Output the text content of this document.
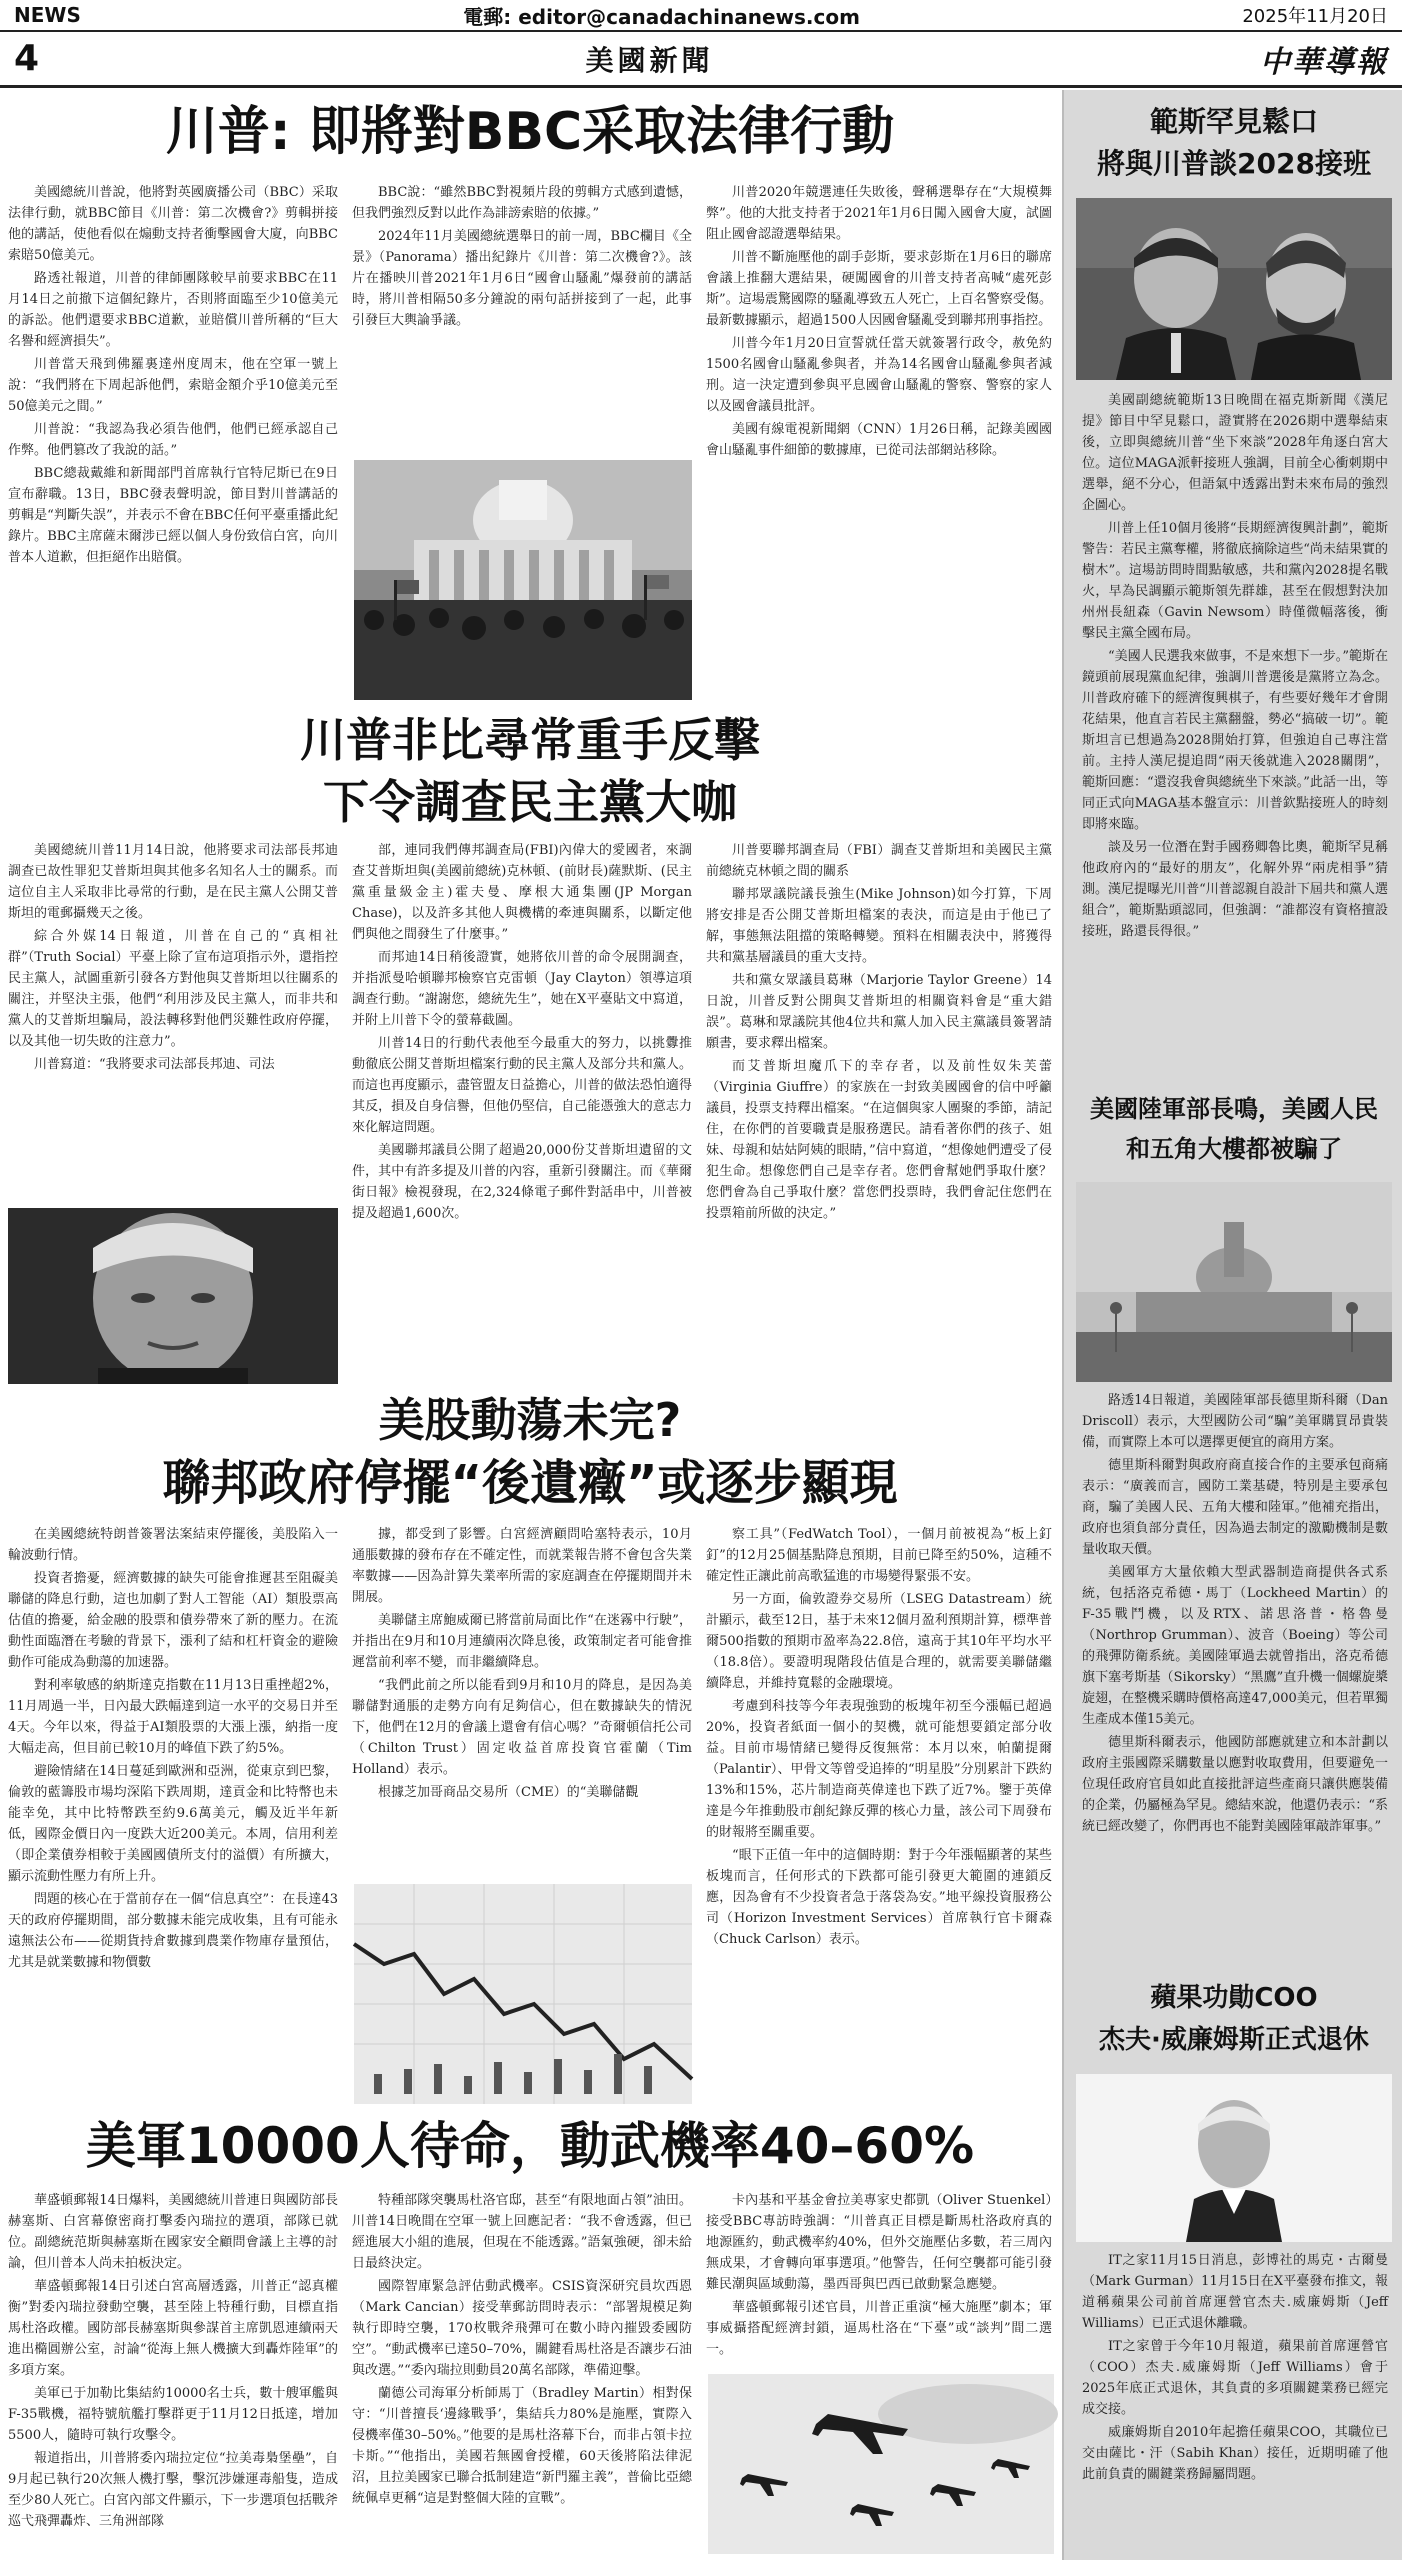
NEWS	電郵: editor@canadachinanews.com	2025年11月20日
4	美國新聞	中華導報
川普: 即將對BBC采取法律行動

美國總統川普說，他將對英國廣播公司（BBC）采取法律行動，就BBC節目《川普：第二次機會?》剪輯拼接他的講話，使他看似在煽動支持者衝擊國會大廈，向BBC索賠50億美元。

路透社報道，川普的律師團隊較早前要求BBC在11月14日之前撤下這個紀錄片，否則將面臨至少10億美元的訴訟。他們還要求BBC道歉，並賠償川普所稱的“巨大名譽和經濟損失”。

川普當天飛到佛羅裏達州度周末，他在空軍一號上說：“我們將在下周起訴他們，索賠金額介乎10億美元至50億美元之間。”

川普說：“我認為我必須告他們，他們已經承認自己作弊。他們篡改了我說的話。”

BBC總裁戴維和新聞部門首席執行官特尼斯已在9日宣布辭職。13日，BBC發表聲明說，節目對川普講話的剪輯是“判斷失誤”，并表示不會在BBC任何平臺重播此紀錄片。BBC主席薩末爾涉已經以個人身份致信白宮，向川普本人道歉，但拒絕作出賠償。

BBC說：“雖然BBC對視頻片段的剪輯方式感到遺憾，但我們強烈反對以此作為誹謗索賠的依據。”

2024年11月美國總統選舉日的前一周，BBC欄目《全景》（Panorama）播出紀錄片《川普：第二次機會?》。該片在播映川普2021年1月6日“國會山騷亂”爆發前的講話時，將川普相隔50多分鐘說的兩句話拼接到了一起，此事引發巨大輿論爭議。

川普2020年競選連任失敗後，聲稱選舉存在“大規模舞弊”。他的大批支持者于2021年1月6日闖入國會大廈，試圖阻止國會認證選舉結果。

川普不斷施壓他的副手彭斯，要求彭斯在1月6日的聯席會議上推翻大選結果，硬闖國會的川普支持者高喊“處死彭斯”。這場震驚國際的騷亂導致五人死亡，上百名警察受傷。最新數據顯示，超過1500人因國會騷亂受到聯邦刑事指控。

川普今年1月20日宣誓就任當天就簽署行政令，赦免約1500名國會山騷亂參與者，并為14名國會山騷亂參與者減刑。這一決定遭到參與平息國會山騷亂的警察、警察的家人以及國會議員批評。

美國有線電視新聞網（CNN）1月26日稱，記錄美國國會山騷亂事件細節的數據庫，已從司法部網站移除。

川普非比尋常重手反擊
下令調查民主黨大咖

美國總統川普11月14日說，他將要求司法部長邦迪調查已故性罪犯艾普斯坦與其他多名知名人士的關系。而這位自主人采取非比尋常的行動，是在民主黨人公開艾普斯坦的電郵攝幾天之後。

綜合外媒14日報道，川普在自己的“真相社群”（Truth Social）平臺上除了宣布這項指示外，還指控民主黨人，試圖重新引發各方對他與艾普斯坦以往關系的關注，并堅決主張，他們“利用涉及民主黨人，而非共和黨人的艾普斯坦騙局，設法轉移對他們災難性政府停擺，以及其他一切失敗的注意力”。

川普寫道：“我將要求司法部長邦迪、司法

部，連同我們傳邦調查局(FBI)內偉大的愛國者，來調查艾普斯坦與(美國前總統)克林頓、(前財長)薩默斯、(民主黨重量級金主)霍夫曼、摩根大通集團(JP Morgan Chase)，以及許多其他人與機構的牽連與關系，以斷定他們與他之間發生了什麼事。”

而邦迪14日稍後證實，她將依川普的命令展開調查，并指派曼哈頓聯邦檢察官克雷頓（Jay Clayton）領導這項調查行動。“謝謝您，總統先生”，她在X平臺貼文中寫道，并附上川普下令的螢幕截圖。

川普14日的行動代表他至今最重大的努力，以挑釁推動徹底公開艾普斯坦檔案行動的民主黨人及部分共和黨人。而這也再度顯示，盡管盟友日益擔心，川普的做法恐怕適得其反，損及自身信譽，但他仍堅信，自己能憑強大的意志力來化解這問題。

美國聯邦議員公開了超過20,000份艾普斯坦遺留的文件，其中有許多提及川普的內容，重新引發關注。而《華爾街日報》檢視發現，在2,324條電子郵件對話串中，川普被提及超過1,600次。

川普要聯邦調查局（FBI）調查艾普斯坦和美國民主黨前總統克林頓之間的關系

聯邦眾議院議長強生(Mike Johnson)如今打算，下周將安排是否公開艾普斯坦檔案的表決，而這是由于他已了解，事態無法阻擋的策略轉變。預料在相關表決中，將獲得共和黨基層議員的重大支持。

共和黨女眾議員葛琳（Marjorie Taylor Greene）14日說，川普反對公開與艾普斯坦的相關資料會是“重大錯誤”。葛琳和眾議院其他4位共和黨人加入民主黨議員簽署請願書，要求釋出檔案。

而艾普斯坦魔爪下的幸存者，以及前性奴朱芙蕾（Virginia Giuffre）的家族在一封致美國國會的信中呼籲議員，投票支持釋出檔案。“在這個與家人團聚的季節，請記住，在你們的首要職責是服務選民。請看著你們的孩子、姐妹、母親和姑姑阿姨的眼睛，”信中寫道，“想像她們遭受了侵犯生命。想像您們自己是幸存者。您們會幫她們爭取什麼？您們會為自己爭取什麼？當您們投票時，我們會記住您們在投票箱前所做的決定。”

美股動蕩未完?
聯邦政府停擺“後遺癥”或逐步顯現

在美國總統特朗普簽署法案結束停擺後，美股陷入一輪波動行情。

投資者擔憂，經濟數據的缺失可能會推遲甚至阻礙美聯儲的降息行動，這也加劇了對人工智能（AI）類股票高估值的擔憂，給金融的股票和債券帶來了新的壓力。在流動性面臨潛在考驗的背景下，漲利了結和杠杆資金的避險動作可能成為動蕩的加速器。

對利率敏感的納斯達克指數在11月13日重挫超2%，11月周過一半，日內最大跌幅達到這一水平的交易日并至4天。今年以來，得益于AI類股票的大漲上漲，納指一度大幅走高，但目前已較10月的峰值下跌了約5%。

避險情緒在14日蔓延到歐洲和亞洲，從東京到巴黎，倫敦的藍籌股市場均深陷下跌周期，達貢金和比特幣也未能幸免，其中比特幣跌至約9.6萬美元，觸及近半年新低，國際金價日內一度跌大近200美元。本周，信用利差（即企業債券相較于美國國債所支付的溢價）有所擴大，顯示流動性壓力有所上升。

問題的核心在于當前存在一個“信息真空”：在長達43天的政府停擺期間，部分數據未能完成收集，且有可能永遠無法公布——從期貨持倉數據到農業作物庫存量預估，尤其是就業數據和物價數

據，都受到了影響。白宮經濟顧問哈塞特表示，10月通脹數據的發布存在不確定性，而就業報告將不會包含失業率數據——因為計算失業率所需的家庭調查在停擺期間并未開展。

美聯儲主席鮑威爾已將當前局面比作“在迷霧中行駛”，并指出在9月和10月連續兩次降息後，政策制定者可能會推遲當前利率不變，而非繼續降息。

“我們此前之所以能看到9月和10月的降息，是因為美聯儲對通脹的走勢方向有足夠信心，但在數據缺失的情況下，他們在12月的會議上還會有信心嗎？”奇爾頓信托公司（Chilton Trust）固定收益首席投資官霍蘭（Tim Holland）表示。

根據芝加哥商品交易所（CME）的“美聯儲觀

察工具”（FedWatch Tool），一個月前被視為“板上釘釘”的12月25個基點降息預期，目前已降至約50%，這種不確定性正讓此前高歌猛進的市場變得緊張不安。

另一方面，倫敦證券交易所（LSEG Datastream）統計顯示，截至12日，基于未來12個月盈利預期計算，標準普爾500指數的預期市盈率為22.8倍，遠高于其10年平均水平（18.8倍）。要證明現階段估值是合理的，就需要美聯儲繼續降息，并維持寬鬆的金融環境。

考慮到科技等今年表現強勁的板塊年初至今漲幅已超過20%，投資者紙面一個小的契機，就可能想要鎖定部分收益。目前市場情緒已變得反復無常：本月以來，帕蘭提爾（Palantir）、甲骨文等曾受追捧的“明星股”分別累計下跌約13%和15%，芯片制造商英偉達也下跌了近7%。鑒于英偉達是今年推動股市創紀錄反彈的核心力量，該公司下周發布的財報將至關重要。

“眼下正值一年中的這個時期：對于今年漲幅顯著的某些板塊而言，任何形式的下跌都可能引發更大範圍的連鎖反應，因為會有不少投資者急于落袋為安。”地平線投資服務公司（Horizon Investment Services）首席執行官卡爾森（Chuck Carlson）表示。

美軍10000人待命，動武機率40–60%

華盛頓郵報14日爆料，美國總統川普連日與國防部長赫塞斯、白宮幕僚密商打擊委內瑞拉的選項，部隊已就位。副總統范斯與赫塞斯在國家安全顧問會議上主導的討論，但川普本人尚未拍板決定。

華盛頓郵報14日引述白宮高層透露，川普正“認真權衡”對委內瑞拉發動空襲，甚至陸上特種行動，目標直指馬杜洛政權。國防部長赫塞斯與參謀首主席凱恩連續兩天進出橢圓辦公室，討論“從海上無人機擴大到轟炸陸軍”的多項方案。

美軍已于加勒比集結約10000名士兵，數十艘軍艦與F-35戰機，福特號航艦打擊群更于11月12日抵達，增加5500人，隨時可執行攻擊令。

報道指出，川普將委內瑞拉定位“拉美毒梟堡壘”，自9月起已執行20次無人機打擊，擊沉涉嫌運毒船隻，造成至少80人死亡。白宮內部文件顯示，下一步選項包括戰斧巡弋飛彈轟炸、三角洲部隊

特種部隊突襲馬杜洛官邸，甚至“有限地面占領”油田。川普14日晚間在空軍一號上回應記者：“我不會透露，但已經進展大小組的進展，但現在不能透露。”語氣強硬，卻未給日最終決定。

國際智庫緊急評估動武機率。CSIS資深研究員坎西恩（Mark Cancian）接受華郵訪問時表示：“部署規模足夠執行即時空襲，170枚戰斧飛彈可在數小時內摧毀委國防空”。“動武機率已達50–70%，關鍵看馬杜洛是否讓步石油與改選。”“委內瑞拉則動員20萬名部隊，準備迎擊。

蘭德公司海軍分析師馬丁（Bradley Martin）相對保守：“川普擅長‘邊緣戰爭’，集結兵力80%是施壓，實際入侵機率僅30–50%。”他要的是馬杜洛幕下台，而非占領卡拉卡斯。”“他指出，美國若無國會授權，60天後將陷法律泥沼，且拉美國家已聯合抵制建造“新門羅主義”，普倫比亞總統佩卓更稱“這是對整個大陸的宣戰”。

卡內基和平基金會拉美專家史都凱（Oliver Stuenkel）接受BBC專訪時強調：“川普真正目標是斷馬杜洛政府真的地源匯約，動武機率約40%，但外交施壓佔多數，若三周內無成果，才會轉向軍事選項。”他警告，任何空襲都可能引發難民潮與區域動蕩，墨西哥與巴西已啟動緊急應變。

華盛頓郵報引述官員，川普正重演“極大施壓”劇本；軍事威攝搭配經濟封鎖，逼馬杜洛在“下臺”或“談判”間二選一。

範斯罕見鬆口
將與川普談2028接班

美國副總統範斯13日晚間在福克斯新聞《漢尼提》節目中罕見鬆口，證實將在2026期中選舉結束後，立即與總統川普“坐下來談”2028年角逐白宮大位。這位MAGA派軒接班人強調，目前全心衝刺期中選舉，絕不分心，但語氣中透露出對未來布局的強烈企圖心。

川普上任10個月後將“長期經濟復興計劃”，範斯警告：若民主黨奪權，將徹底摘除這些“尚未結果實的樹木”。這場訪問時間點敏感，共和黨內2028提名戰火，早為民調顯示範斯領先群雄，甚至在假想對決加州州長紐森（Gavin Newsom）時僅微幅落後，衝擊民主黨全國布局。

“美國人民選我來做事，不是來想下一步。”範斯在鏡頭前展現黨血紀律，強調川普選後是黨將立為念。川普政府確下的經濟復興棋子，有些要好幾年才會開花結果，他直言若民主黨翻盤，勢必“搞破一切”。範斯坦言已想過為2028開始打算，但強迫自己專注當前。主持人漢尼提追問“兩天後就進入2028關閉”，範斯回應：“還沒我會與總統坐下來談。”此話一出，等同正式向MAGA基本盤宣示：川普欽點接班人的時刻即將來臨。

談及另一位潛在對手國務卿魯比奧，範斯罕見稱他政府內的“最好的朋友”，化解外界“兩虎相爭”猜測。漢尼提曝光川普“川普認親自設計下屆共和黨人選組合”，範斯點頭認同，但強調：“誰都沒有資格擅設接班，路還長得很。”

美國陸軍部長鳴，美國人民
和五角大樓都被騙了

路透14日報道，美國陸軍部長德里斯科爾（Dan Driscoll）表示，大型國防公司“騙”美軍購買昂貴裝備，而實際上本可以選擇更便宜的商用方案。

德里斯科爾對與政府商直接合作的主要承包商痛表示：“廣義而言，國防工業基礎，特別是主要承包商，騙了美國人民、五角大樓和陸軍。”他補充指出，政府也須負部分責任，因為過去制定的激勵機制是數量收取天價。

美國軍方大量依賴大型武器制造商提供各式系統，包括洛克希德・馬丁（Lockheed Martin）的F-35戰鬥機，以及RTX、諾思洛普・格魯曼（Northrop Grumman）、波音（Boeing）等公司的飛彈防衛系統。美國陸軍過去就曾指出，洛克希德旗下塞考斯基（Sikorsky）“黑鷹”直升機一個螺旋槳旋翅，在整機采購時價格高達47,000美元，但若單獨生產成本僅15美元。

德里斯科爾表示，他國防部應就建立和本計劃以政府主張國際采購數量以應對收取費用，但要避免一位現任政府官員如此直接批評這些產商只讓供應裝備的企業，仍屬極為罕見。總結來說，他還仍表示：“系統已經改變了，你們再也不能對美國陸軍敲詐軍事。”

蘋果功勛COO
杰夫·威廉姆斯正式退休

IT之家11月15日消息，彭博社的馬克・古爾曼（Mark Gurman）11月15日在X平臺發布推文，報道稱蘋果公司前首席運營官杰夫.威廉姆斯（Jeff Williams）已正式退休離職。

IT之家曾于今年10月報道，蘋果前首席運營官（COO）杰夫.威廉姆斯（Jeff Williams）會于2025年底正式退休，其負責的多項關鍵業務已經完成交接。

威廉姆斯自2010年起擔任蘋果COO，其職位已交由薩比・汗（Sabih Khan）接任，近期明確了他此前負責的關鍵業務歸屬問題。
